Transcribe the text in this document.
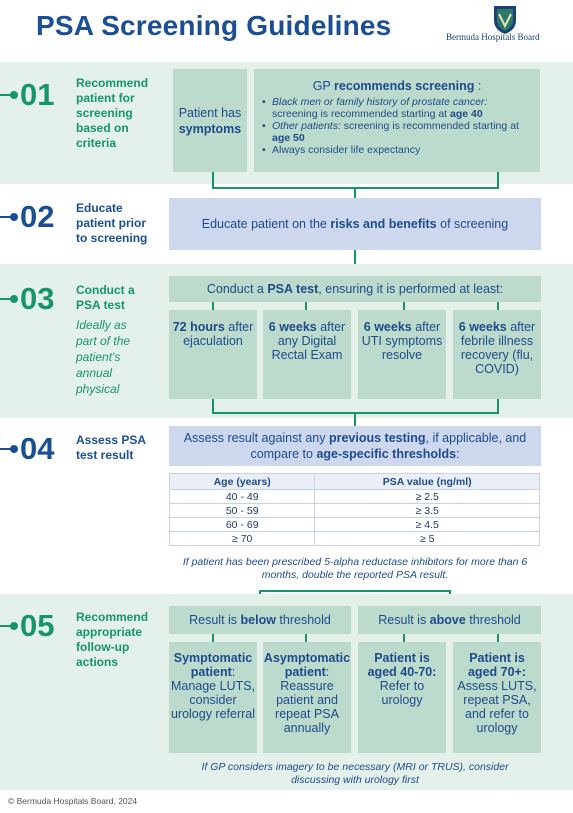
PSA Screening Guidelines	Bermuda Hospitals Board
01 Recommend patient for screening based on criteria
Patient has
symptoms
GP recommends screening :
• Black men or family history of prostate cancer: screening is recommended starting at age 40
• Other patients: screening is recommended starting at age 50
• Always consider life expectancy
02 Educate patient prior to screening
Educate patient on the risks and benefits of screening
03 Conduct a PSA test
Ideally as part of the patient's annual physical
Conduct a PSA test, ensuring it is performed at least:
72 hours after ejaculation
6 weeks after any Digital Rectal Exam
6 weeks after UTI symptoms resolve
6 weeks after febrile illness recovery (flu, COVID)
04 Assess PSA test result
Assess result against any previous testing, if applicable, and compare to age-specific thresholds:
Age (years)	PSA value (ng/ml)
40 - 49	≥ 2.5
50 - 59	≥ 3.5
60 - 69	≥ 4.5
≥ 70	≥ 5
If patient has been prescribed 5-alpha reductase inhibitors for more than 6 months, double the reported PSA result.
05 Recommend appropriate follow-up actions
Result is below threshold	Result is above threshold
Symptomatic patient: Manage LUTS, consider urology referral
Asymptomatic patient: Reassure patient and repeat PSA annually
Patient is aged 40-70: Refer to urology
Patient is aged 70+: Assess LUTS, repeat PSA, and refer to urology
If GP considers imagery to be necessary (MRI or TRUS), consider discussing with urology first
© Bermuda Hospitals Board, 2024
